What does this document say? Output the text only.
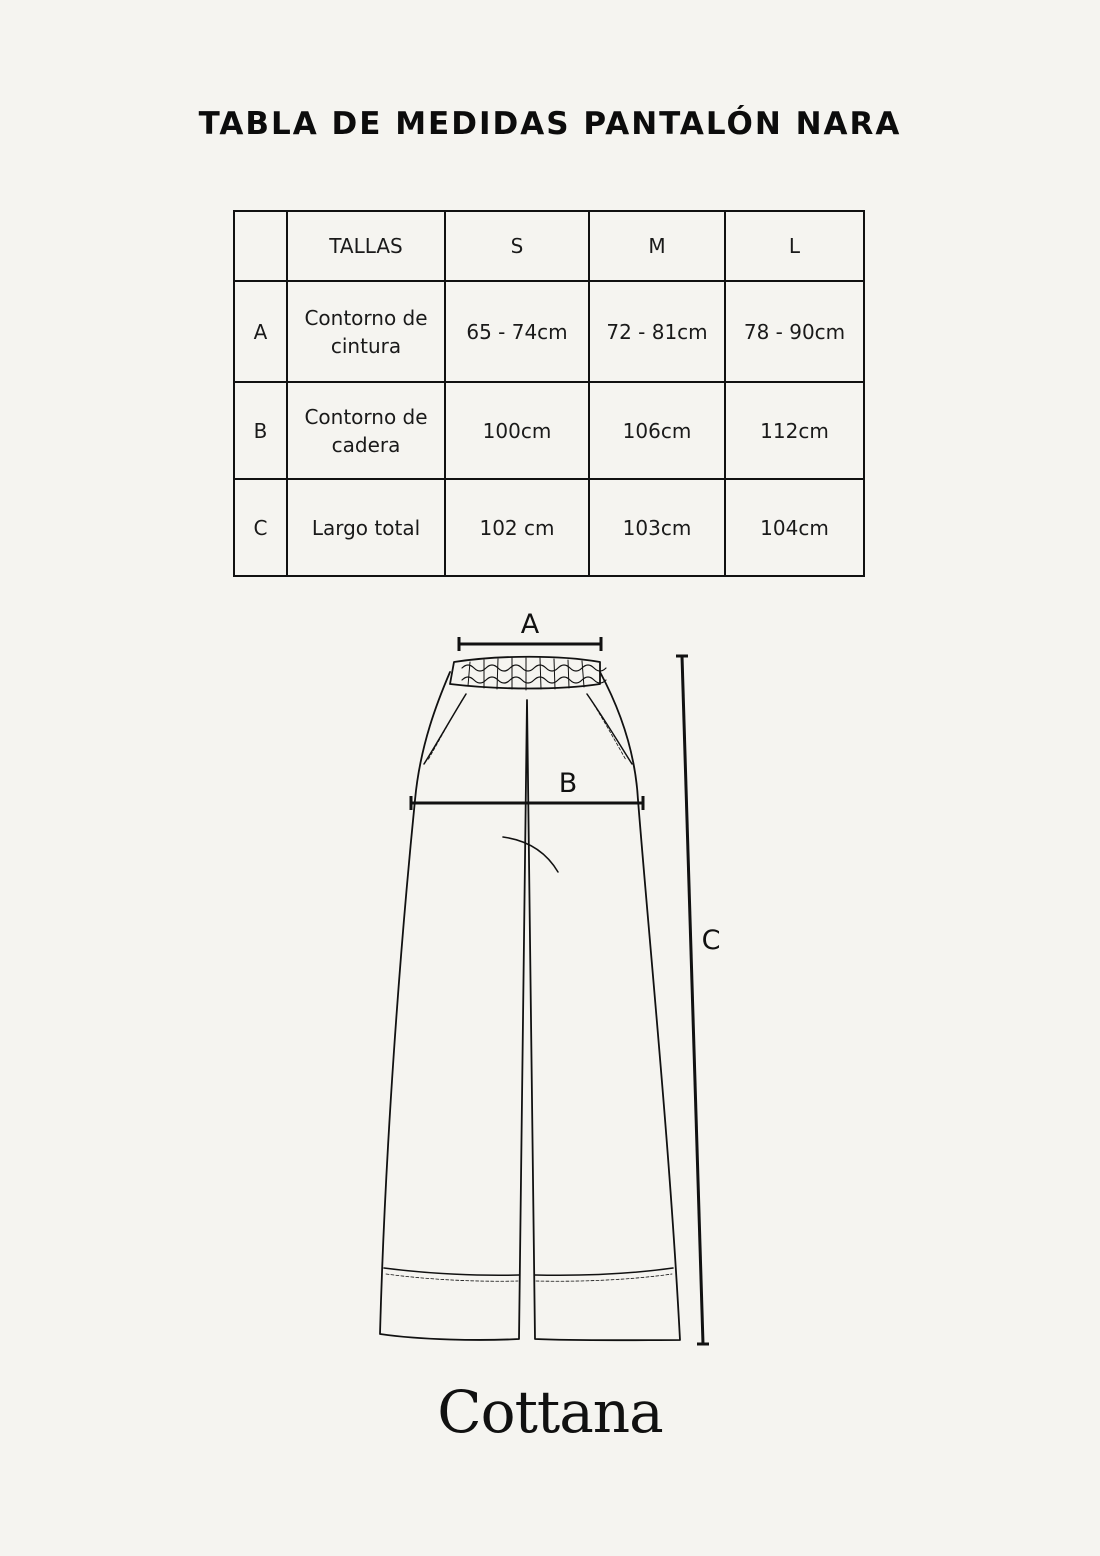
TABLA DE MEDIDAS PANTALÓN NARA
	TALLAS	S	M	L
A	Contorno de cintura	65 - 74cm	72 - 81cm	78 - 90cm
B	Contorno de cadera	100cm	106cm	112cm
C	Largo total	102 cm	103cm	104cm
A
B
C
Cottana
